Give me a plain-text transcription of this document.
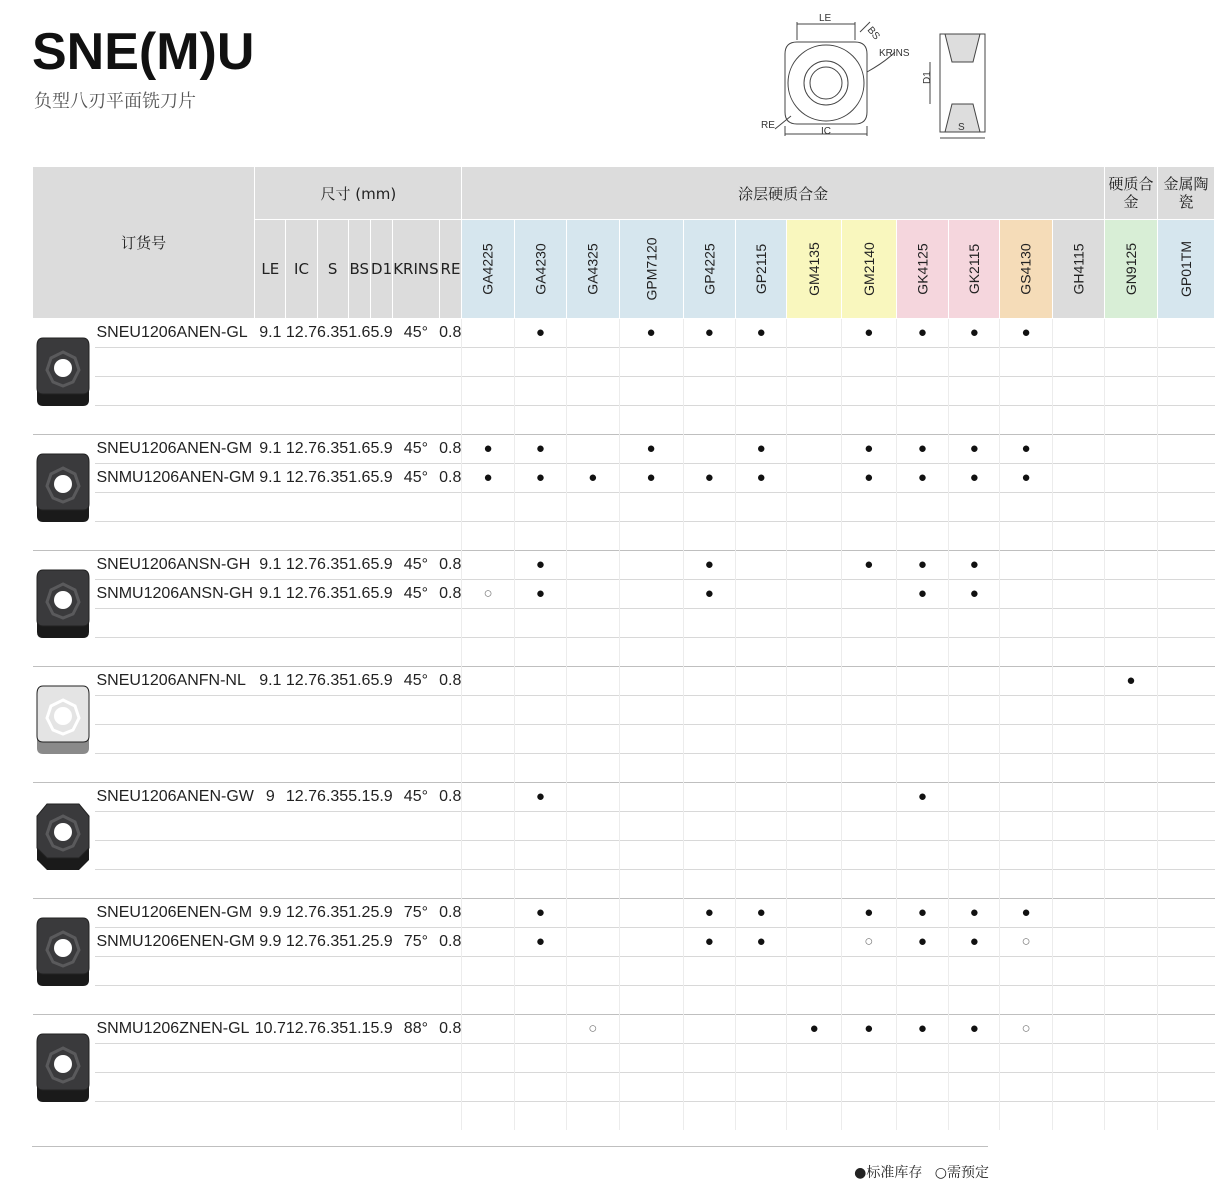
SNE(M)U
负型八刃平面铣刀片
LE
BS
KRINS
RE
IC
D1
S
订货号		尺寸 (mm)							涂层硬质合金												硬质合金	金属陶瓷
		LE	IC	S	BS	D1	KRINS	RE	GA4225	GA4230	GA4325	GPM7120	GP4225	GP2115	GM4135	GM2140	GK4125	GK2115	GS4130	GH4115	GN9125	GP01TM
	SNEU1206ANEN-GL	9.1	12.7	6.35	1.6	5.9	45°	0.8		●		●	●	●		●	●	●	●			

	SNEU1206ANEN-GM	9.1	12.7	6.35	1.6	5.9	45°	0.8	●	●		●		●		●	●	●	●			
	SNMU1206ANEN-GM	9.1	12.7	6.35	1.6	5.9	45°	0.8	●	●	●	●	●	●		●	●	●	●			

	SNEU1206ANSN-GH	9.1	12.7	6.35	1.6	5.9	45°	0.8		●			●			●	●	●				
	SNMU1206ANSN-GH	9.1	12.7	6.35	1.6	5.9	45°	0.8	○	●			●				●	●				

	SNEU1206ANFN-NL	9.1	12.7	6.35	1.6	5.9	45°	0.8													●	

	SNEU1206ANEN-GW	9	12.7	6.35	5.1	5.9	45°	0.8		●							●					

	SNEU1206ENEN-GM	9.9	12.7	6.35	1.2	5.9	75°	0.8		●			●	●		●	●	●	●			
	SNMU1206ENEN-GM	9.9	12.7	6.35	1.2	5.9	75°	0.8		●			●	●		○	●	●	○			

	SNMU1206ZNEN-GL	10.7	12.7	6.35	1.1	5.9	88°	0.8			○				●	●	●	●	○			

●标准库存 ○需预定
